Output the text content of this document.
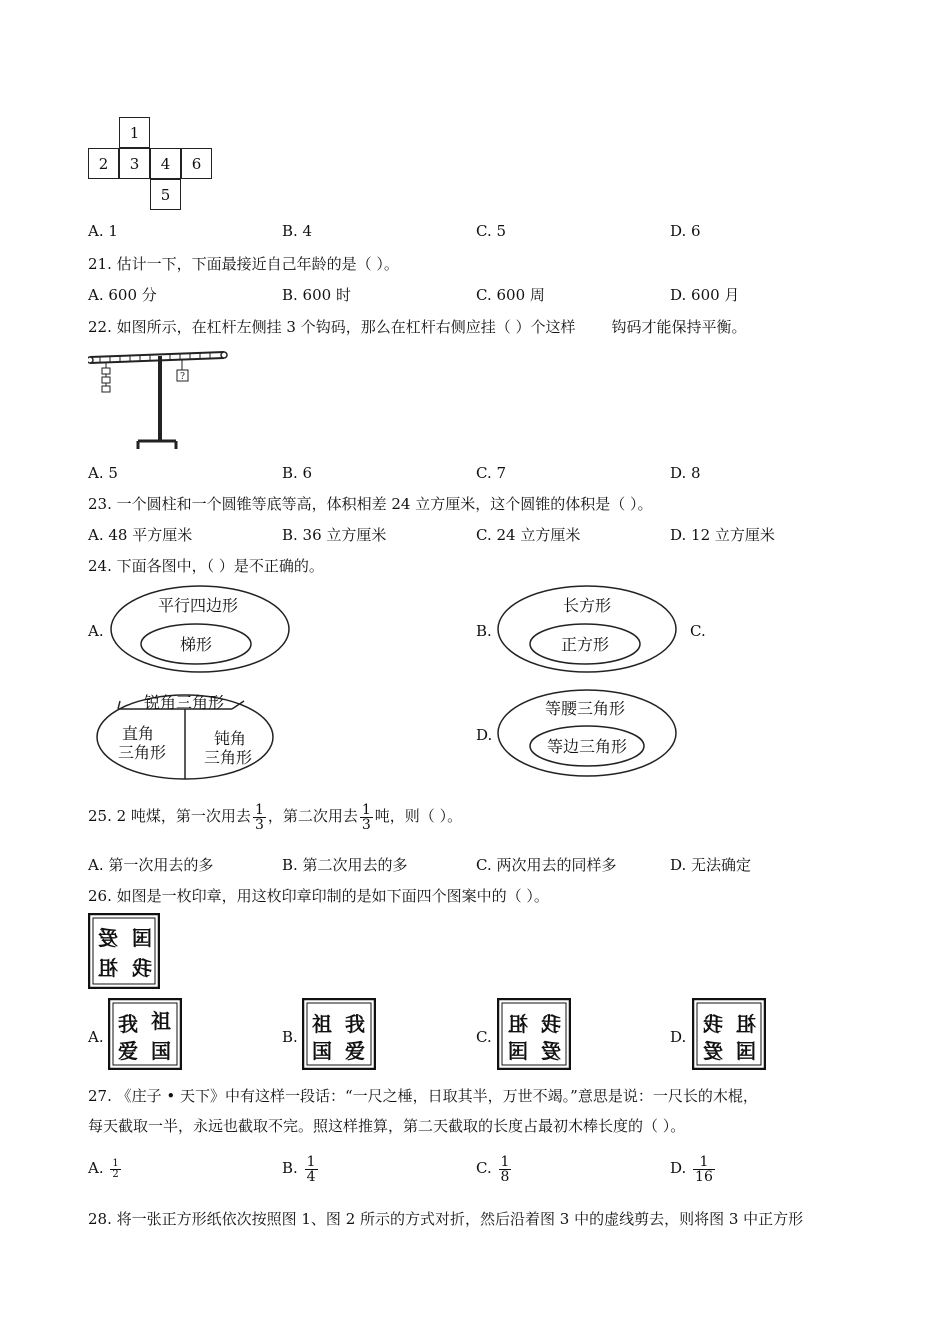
1
2	3	4	6
5
A. 1	B. 4	C. 5	D. 6
21. 估计一下，下面最接近自己年龄的是（ ）。
A. 600 分	B. 600 时	C. 600 周	D. 600 月
22. 如图所示，在杠杆左侧挂 3 个钩码，那么在杠杆右侧应挂（ ）个这样 钩码才能保持平衡。
?
A. 5	B. 6	C. 7	D. 8
23. 一个圆柱和一个圆锥等底等高，体积相差 24 立方厘米，这个圆锥的体积是（ ）。
A. 48 平方厘米	B. 36 立方厘米	C. 24 立方厘米	D. 12 立方厘米
24. 下面各图中，（ ）是不正确的。
A.
平行四边形
梯形
B.
长方形
正方形
C.
锐角三角形
直角
三角形
钝角
三角形
D.
等腰三角形
等边三角形
25. 2 吨煤，第一次用去 $\frac{1}{3}$ ，第二次用去 $\frac{1}{3}$ 吨，则（ ）。
A. 第一次用去的多	B. 第二次用去的多	C. 两次用去的同样多	D. 无法确定
26. 如图是一枚印章，用这枚印章印制的是如下面四个图案中的（ ）。
国
爱
我
祖
A.
我 祖
爱 国
B.
祖 我
国 爱
C.
我
祖
爱
国
D.
祖
我
国
爱
27. 《庄子 • 天下》中有这样一段话：“一尺之棰，日取其半，万世不竭。”意思是说：一尺长的木棍，
每天截取一半，永远也截取不完。照这样推算，第二天截取的长度占最初木棒长度的（ ）。
A. $\frac{1}{2}$	B. $\frac{1}{4}$	C. $\frac{1}{8}$	D. $\frac{1}{16}$
28. 将一张正方形纸依次按照图 1、图 2 所示的方式对折，然后沿着图 3 中的虚线剪去，则将图 3 中正方形
